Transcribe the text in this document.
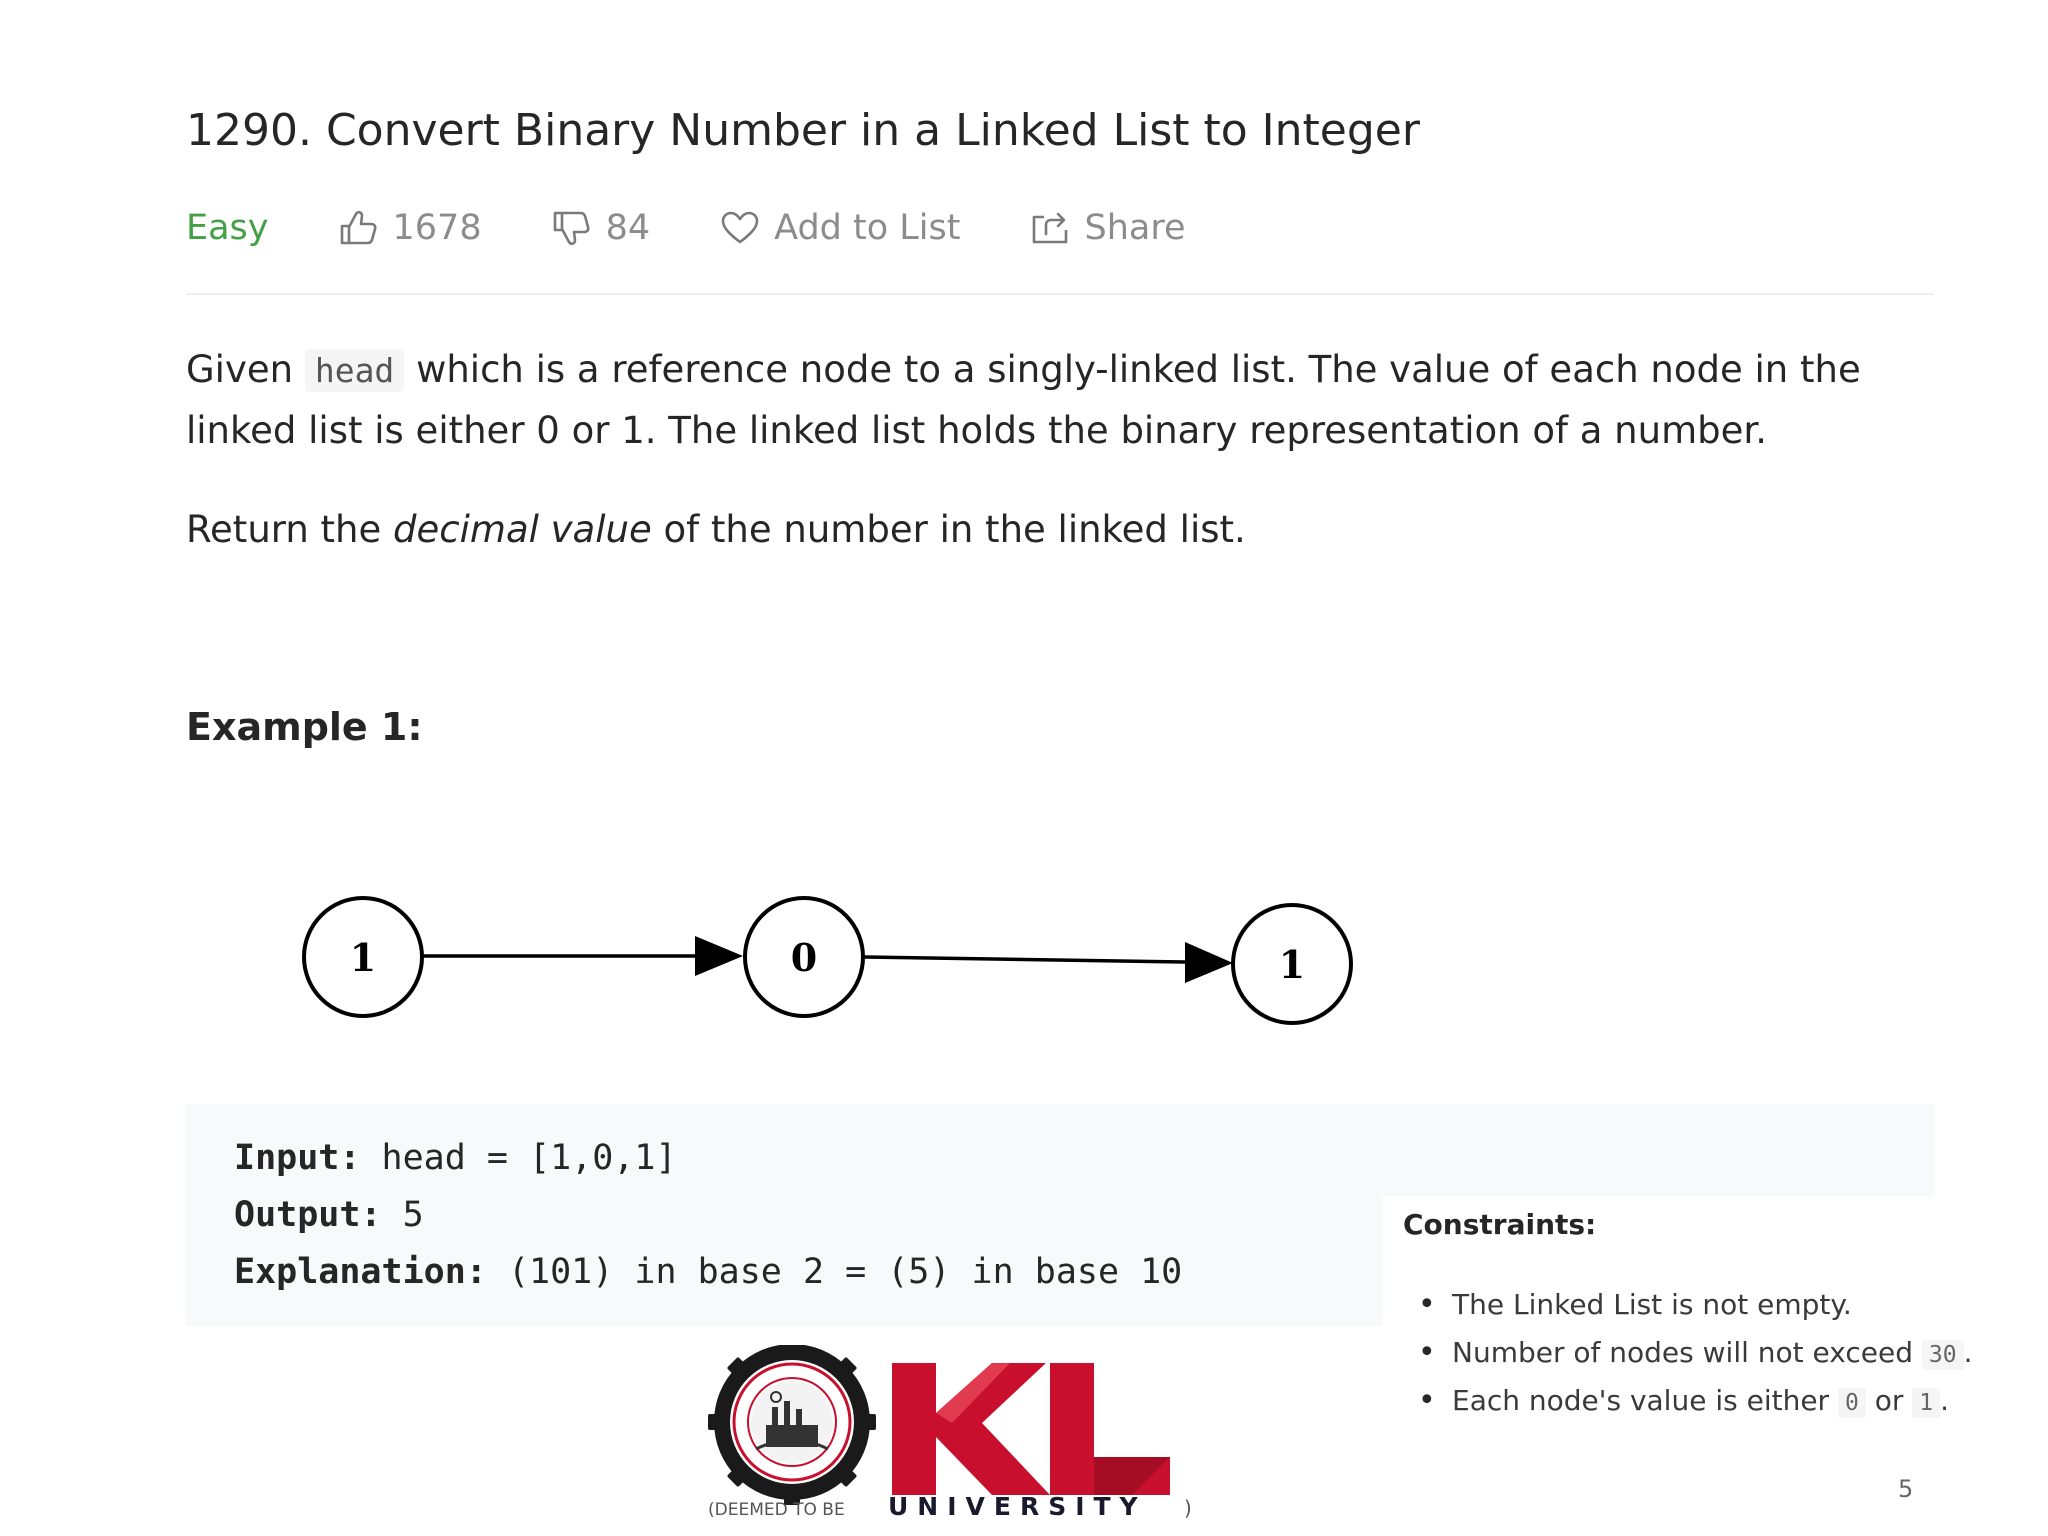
1290. Convert Binary Number in a Linked List to Integer
Easy	1678	84	Add to List	Share
Given head which is a reference node to a singly-linked list. The value of each node in the linked list is either 0 or 1. The linked list holds the binary representation of a number.
Return the decimal value of the number in the linked list.
Example 1:
1	0	1
Input: head = [1,0,1]
Output: 5
Explanation: (101) in base 2 = (5) in base 10
Constraints:
• The Linked List is not empty.
• Number of nodes will not exceed 30 .
• Each node's value is either 0 or 1 .
(DEEMED TO BE UNIVERSITY )
5
